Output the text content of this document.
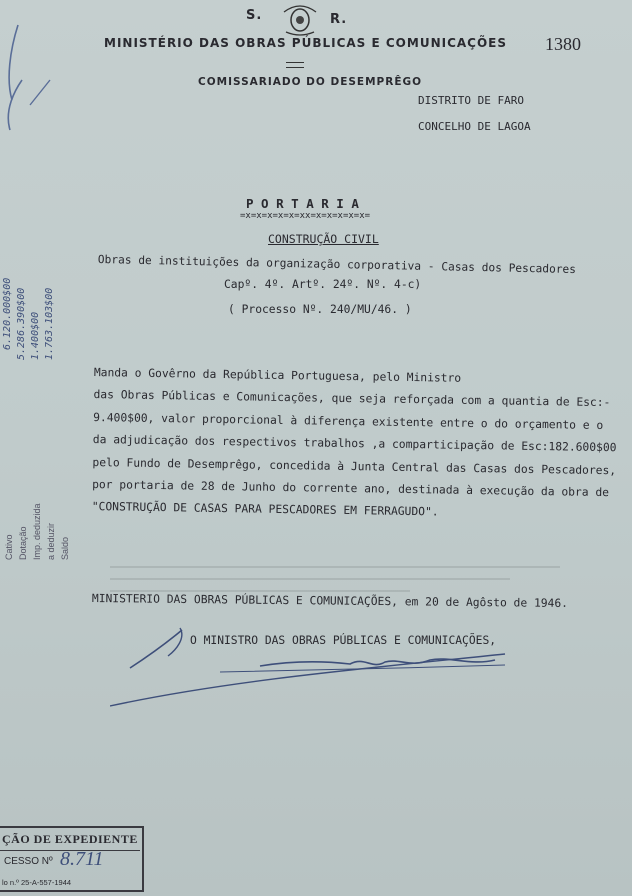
S.	R.
MINISTÉRIO DAS OBRAS PÚBLICAS E COMUNICAÇÕES
COMISSARIADO DO DESEMPRÊGO
1380
DISTRITO DE FARO
CONCELHO DE LAGOA
P O R T A R I A
=x=x=x=x=x=xx=x=x=x=x=x=
CONSTRUÇÃO CIVIL
Obras de instituições da organização corporativa - Casas dos Pescadores
Capº. 4º. Artº. 24º. Nº. 4-c)
( Processo Nº. 240/MU/46. )
Manda o Govêrno da República Portuguesa, pelo Ministro
das Obras Públicas e Comunicações, que seja reforçada com a quantia de Esc:-
9.400$00, valor proporcional à diferença existente entre o do orçamento e o
da adjudicação dos respectivos trabalhos ,a comparticipação de Esc:182.600$00
pelo Fundo de Desemprêgo, concedida à Junta Central das Casas dos Pescadores,
por portaria de 28 de Junho do corrente ano, destinada à execução da obra de
"CONSTRUÇÃO DE CASAS PARA PESCADORES EM FERRAGUDO".
MINISTERIO DAS OBRAS PÚBLICAS E COMUNICAÇÕES, em 20 de Agôsto de 1946.
O MINISTRO DAS OBRAS PÚBLICAS E COMUNICAÇÕES,
Cativo Dotação Imp. deduzida a deduzir Saldo
6.120.000$00 5.286.390$00 1.400$00 1.763.103$00
ÇÃO DE EXPEDIENTE
CESSO Nº 8.711
lo n.º 25-A-557-1944
